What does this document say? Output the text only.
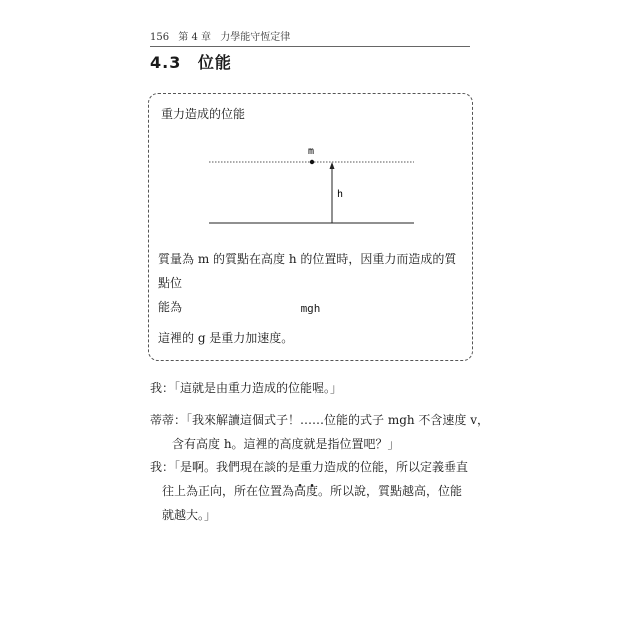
156 第 4 章 力學能守恆定律
4.3 位能
重力造成的位能
m
h
質量為 m 的質點在高度 h 的位置時，因重力而造成的質點位
能為	mgh
這裡的 g 是重力加速度。
我：「這就是由重力造成的位能喔。」
蒂蒂：「我來解讀這個式子！……位能的式子 mgh 不含速度 v，
含有高度 h。這裡的高度就是指位置吧？」
我：「是啊。我們現在談的是重力造成的位能，所以定義垂直
往上為正向，所在位置為高度。所以說，質點越高，位能
就越大。」
